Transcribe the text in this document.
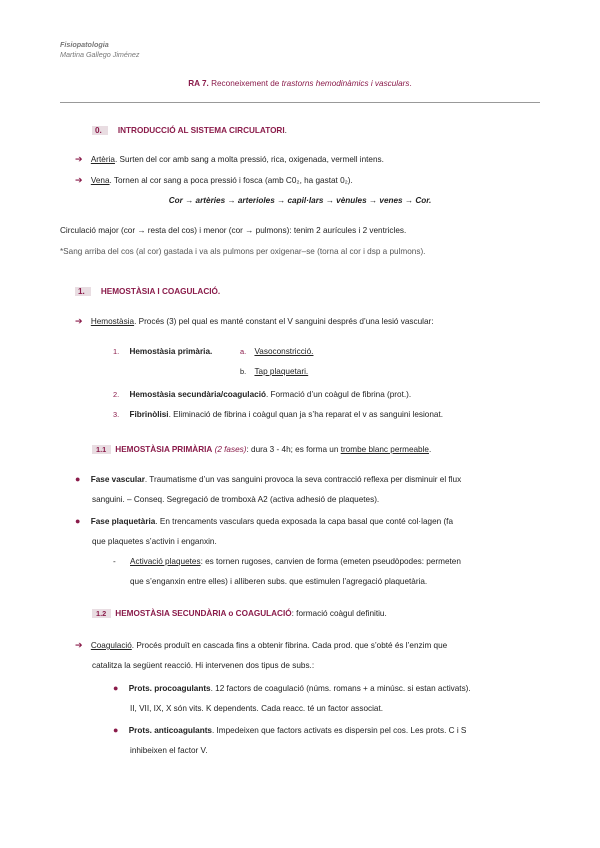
Fisiopatologia
Martina Gallego Jiménez
RA 7. Reconeixement de trastorns hemodinàmics i vasculars.
0. INTRODUCCIÓ AL SISTEMA CIRCULATORI.
➔ Artèria. Surten del cor amb sang a molta pressió, rica, oxigenada, vermell intens.
➔ Vena. Tornen al cor sang a poca pressió i fosca (amb C0₂, ha gastat 0₂).
Cor → artèries → arterioles → capil·lars → vènules → venes → Cor.
Circulació major (cor → resta del cos) i menor (cor → pulmons): tenim 2 aurícules i 2 ventricles.
*Sang arriba del cos (al cor) gastada i va als pulmons per oxigenar–se (torna al cor i dsp a pulmons).
1. HEMOSTÀSIA I COAGULACIÓ.
➔ Hemostàsia. Procés (3) pel qual es manté constant el V sanguini després d’una lesió vascular:
1. Hemostàsia primària.	a. Vasoconstricció.
b. Tap plaquetari.
2. Hemostàsia secundària/coagulació. Formació d’un coàgul de fibrina (prot.).
3. Fibrinòlisi. Eliminació de fibrina i coàgul quan ja s’ha reparat el v as sanguini lesionat.
1.1 HEMOSTÀSIA PRIMÀRIA (2 fases): dura 3 - 4h; es forma un trombe blanc permeable.
● Fase vascular. Traumatisme d’un vas sanguini provoca la seva contracció reflexa per disminuir el flux
sanguini. – Conseq. Segregació de tromboxà A2 (activa adhesió de plaquetes).
● Fase plaquetària. En trencaments vasculars queda exposada la capa basal que conté col·lagen (fa
que plaquetes s’activin i enganxin.
- Activació plaquetes: es tornen rugoses, canvien de forma (emeten pseudòpodes: permeten
que s’enganxin entre elles) i alliberen subs. que estimulen l’agregació plaquetària.
1.2 HEMOSTÀSIA SECUNDÀRIA o COAGULACIÓ: formació coàgul definitiu.
➔ Coagulació. Procés produït en cascada fins a obtenir fibrina. Cada prod. que s’obté és l’enzim que
catalitza la següent reacció. Hi intervenen dos tipus de subs.:
● Prots. procoagulants. 12 factors de coagulació (núms. romans + a minúsc. si estan activats).
II, VII, IX, X són vits. K dependents. Cada reacc. té un factor associat.
● Prots. anticoagulants. Impedeixen que factors activats es dispersin pel cos. Les prots. C i S
inhibeixen el factor V.
